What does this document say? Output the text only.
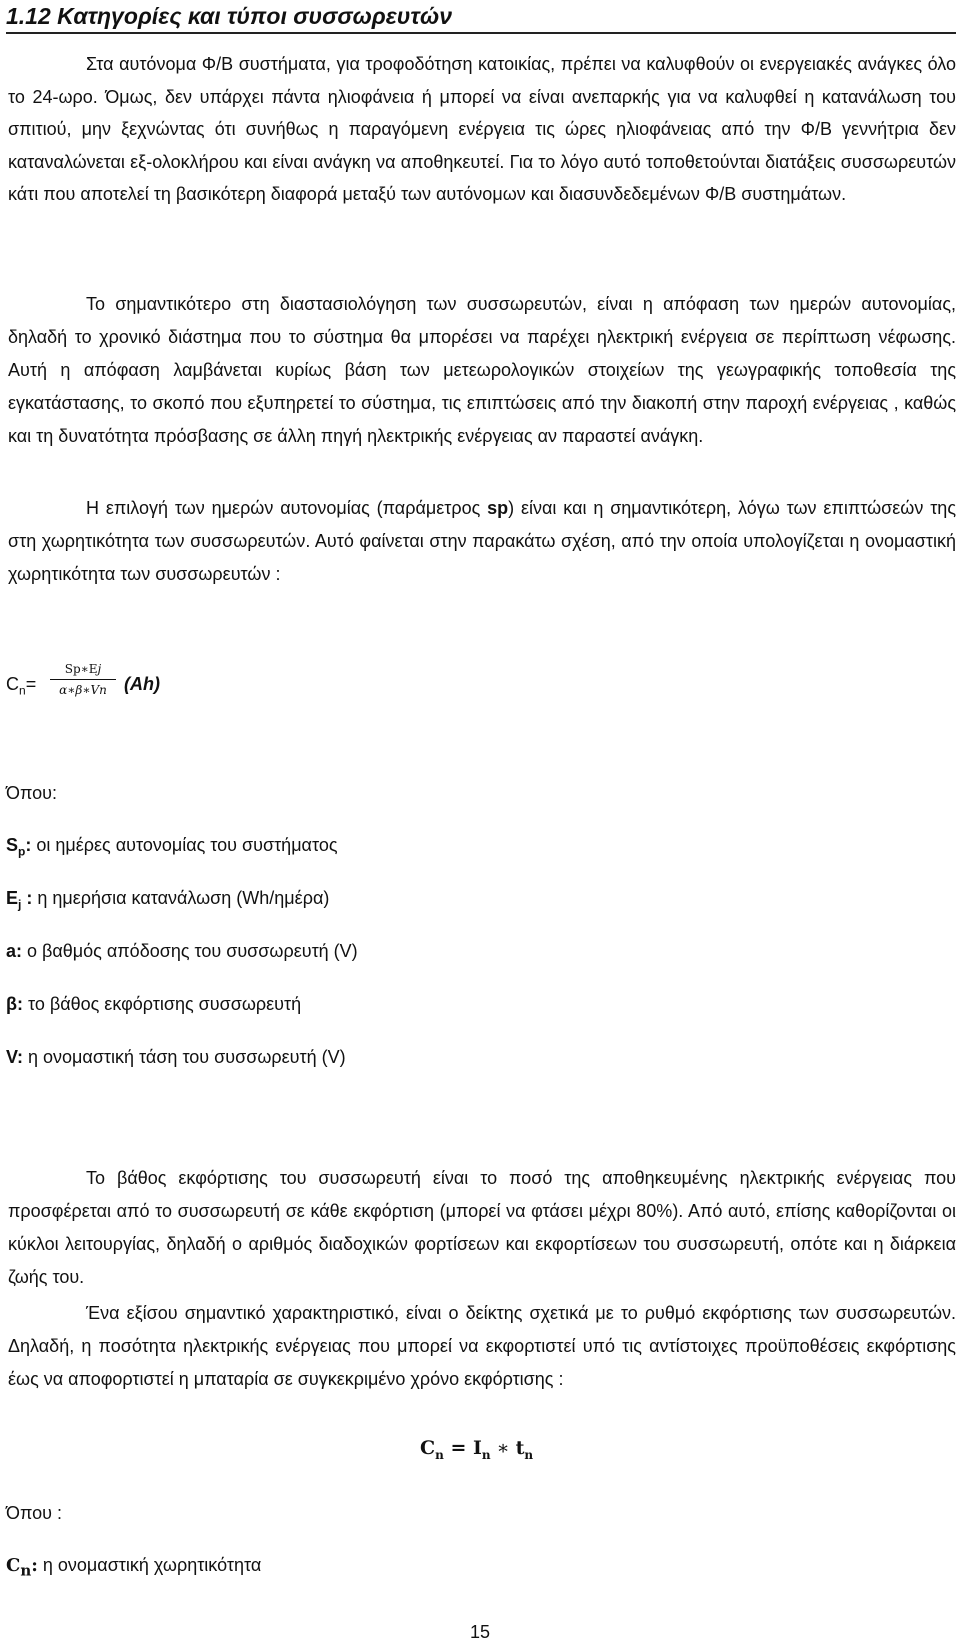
1.12 Κατηγορίες και τύποι συσσωρευτών

Στα αυτόνομα Φ/Β συστήματα, για τροφοδότηση κατοικίας, πρέπει να καλυφθούν οι ενεργειακές ανάγκες όλο το 24-ωρο. Όμως, δεν υπάρχει πάντα ηλιοφάνεια ή μπορεί να είναι ανεπαρκής για να καλυφθεί η κατανάλωση του σπιτιού, μην ξεχνώντας ότι συνήθως η παραγόμενη ενέργεια τις ώρες ηλιοφάνειας από την Φ/Β γεννήτρια δεν καταναλώνεται εξ-ολοκλήρου και είναι ανάγκη να αποθηκευτεί. Για το λόγο αυτό τοποθετούνται διατάξεις συσσωρευτών κάτι που αποτελεί τη βασικότερη διαφορά μεταξύ των αυτόνομων και διασυνδεδεμένων Φ/Β συστημάτων.

Το σημαντικότερο στη διαστασιολόγηση των συσσωρευτών, είναι η απόφαση των ημερών αυτονομίας, δηλαδή το χρονικό διάστημα που το σύστημα θα μπορέσει να παρέχει ηλεκτρική ενέργεια σε περίπτωση νέφωσης. Αυτή η απόφαση λαμβάνεται κυρίως βάση των μετεωρολογικών στοιχείων της γεωγραφικής τοποθεσία της εγκατάστασης, το σκοπό που εξυπηρετεί το σύστημα, τις επιπτώσεις από την διακοπή στην παροχή ενέργειας , καθώς και τη δυνατότητα πρόσβασης σε άλλη πηγή ηλεκτρικής ενέργειας αν παραστεί ανάγκη.

Η επιλογή των ημερών αυτονομίας (παράμετρος sp) είναι και η σημαντικότερη, λόγω των επιπτώσεών της στη χωρητικότητα των συσσωρευτών. Αυτό φαίνεται στην παρακάτω σχέση, από την οποία υπολογίζεται η ονομαστική χωρητικότητα των συσσωρευτών :

$C_n=$
Sp∗E𝑗
𝛼∗𝛽∗𝑉𝑛 (Ah)

Όπου:

$S_p$: οι ημέρες αυτονομίας του συστήματος

$E_j$ : η ημερήσια κατανάλωση (Wh/ημέρα)

a: ο βαθμός απόδοσης του συσσωρευτή (V)

β: το βάθος εκφόρτισης συσσωρευτή

V: η ονομαστική τάση του συσσωρευτή (V)

Το βάθος εκφόρτισης του συσσωρευτή είναι το ποσό της αποθηκευμένης ηλεκτρικής ενέργειας που προσφέρεται από το συσσωρευτή σε κάθε εκφόρτιση (μπορεί να φτάσει μέχρι 80%). Από αυτό, επίσης καθορίζονται οι κύκλοι λειτουργίας, δηλαδή ο αριθμός διαδοχικών φορτίσεων και εκφορτίσεων του συσσωρευτή, οπότε και η διάρκεια ζωής του.

Ένα εξίσου σημαντικό χαρακτηριστικό, είναι ο δείκτης σχετικά με το ρυθμό εκφόρτισης των συσσωρευτών. Δηλαδή, η ποσότητα ηλεκτρικής ενέργειας που μπορεί να εκφορτιστεί υπό τις αντίστοιχες προϋποθέσεις εκφόρτισης έως να αποφορτιστεί η μπαταρία σε συγκεκριμένο χρόνο εκφόρτισης :

$C_n = I_n$ ∗ $t_n$

Όπου :

$C_n$: η ονομαστική χωρητικότητα

15
